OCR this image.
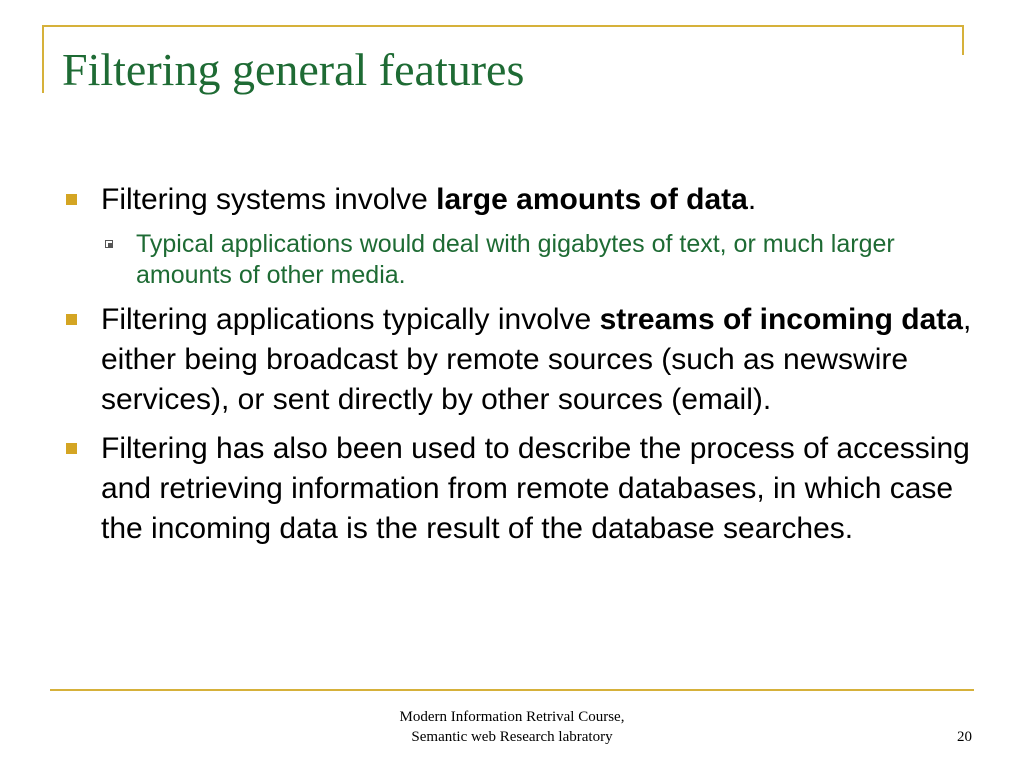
Filtering general features
Filtering systems involve large amounts of data.
Typical applications would deal with gigabytes of text, or much larger amounts of other media.
Filtering applications typically involve streams of incoming data, either being broadcast by remote sources (such as newswire services), or sent directly by other sources (email).
Filtering has also been used to describe the process of accessing and retrieving information from remote databases, in which case the incoming data is the result of the database searches.
Modern Information Retrival Course,
Semantic web Research labratory	20
